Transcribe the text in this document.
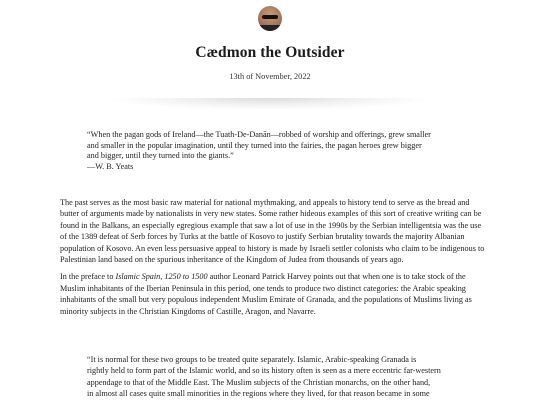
Cædmon the Outsider
13th of November, 2022

“When the pagan gods of Ireland—the Tuath-De-Danān—robbed of worship and offerings, grew smaller

and smaller in the popular imagination, until they turned into the fairies, the pagan heroes grew bigger

and bigger, until they turned into the giants.”

—W. B. Yeats

The past serves as the most basic raw material for national mythmaking, and appeals to history tend to serve as the bread and butter of arguments made by nationalists in very new states. Some rather hideous examples of this sort of creative writing can be found in the Balkans, an especially egregious example that saw a lot of use in the 1990s by the Serbian intelligentsia was the use of the 1389 defeat of Serb forces by Turks at the battle of Kosovo to justify Serbian brutality towards the majority Albanian population of Kosovo. An even less persuasive appeal to history is made by Israeli settler colonists who claim to be indigenous to Palestinian land based on the spurious inheritance of the Kingdom of Judea from thousands of years ago.

In the preface to Islamic Spain, 1250 to 1500 author Leonard Patrick Harvey points out that when one is to take stock of the Muslim inhabitants of the Iberian Peninsula in this period, one tends to produce two distinct categories: the Arabic speaking inhabitants of the small but very populous independent Muslim Emirate of Granada, and the populations of Muslims living as minority subjects in the Christian Kingdoms of Castille, Aragon, and Navarre.

“It is normal for these two groups to be treated quite separately. Islamic, Arabic-speaking Granada is

rightly held to form part of the Islamic world, and so its history often is seen as a mere eccentric far-western

appendage to that of the Middle East. The Muslim subjects of the Christian monarchs, on the other hand,

in almost all cases quite small minorities in the regions where they lived, for that reason became in some
